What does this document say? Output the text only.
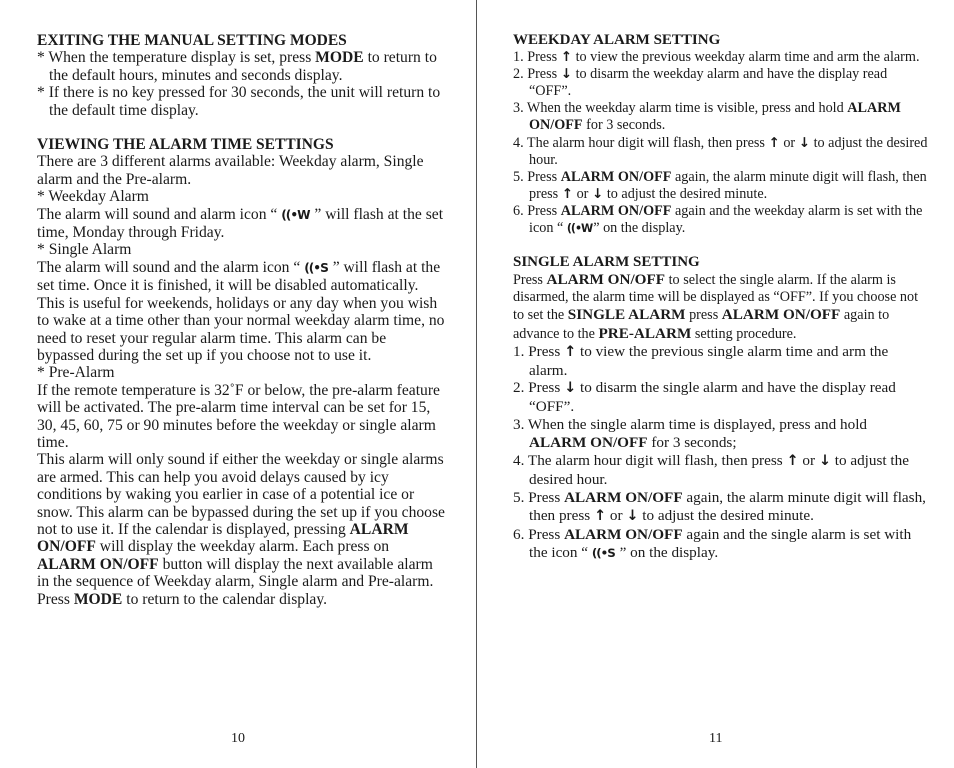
EXITING THE MANUAL SETTING MODES

* When the temperature display is set, press MODE to return to the default hours, minutes and seconds display.

* If there is no key pressed for 30 seconds, the unit will return to the default time display.

VIEWING THE ALARM TIME SETTINGS

There are 3 different alarms available: Weekday alarm, Single alarm and the Pre-alarm.

* Weekday Alarm

The alarm will sound and alarm icon “ ((•W ” will flash at the set time, Monday through Friday.

* Single Alarm

The alarm will sound and the alarm icon “ ((•S ” will flash at the set time. Once it is finished, it will be disabled automatically.

This is useful for weekends, holidays or any day when you wish to wake at a time other than your normal weekday alarm time, no need to reset your regular alarm time. This alarm can be bypassed during the set up if you choose not to use it.

* Pre-Alarm

If the remote temperature is 32˚F or below, the pre-alarm feature will be activated. The pre-alarm time interval can be set for 15, 30, 45, 60, 75 or 90 minutes before the weekday or single alarm time.

This alarm will only sound if either the weekday or single alarms are armed. This can help you avoid delays caused by icy conditions by waking you earlier in case of a potential ice or snow. This alarm can be bypassed during the set up if you choose not to use it. If the calendar is displayed, pressing ALARM ON/OFF will display the weekday alarm. Each press on ALARM ON/OFF button will display the next available alarm in the sequence of Weekday alarm, Single alarm and Pre-alarm.

Press MODE to return to the calendar display.

WEEKDAY ALARM SETTING

1. Press ↑ to view the previous weekday alarm time and arm the alarm.

2. Press ↓ to disarm the weekday alarm and have the display read “OFF”.

3. When the weekday alarm time is visible, press and hold ALARM ON/OFF for 3 seconds.

4. The alarm hour digit will flash, then press ↑ or ↓ to adjust the desired hour.

5. Press ALARM ON/OFF again, the alarm minute digit will flash, then press ↑ or ↓ to adjust the desired minute.

6. Press ALARM ON/OFF again and the weekday alarm is set with the icon “ ((•W” on the display.

SINGLE ALARM SETTING

Press ALARM ON/OFF to select the single alarm. If the alarm is disarmed, the alarm time will be displayed as “OFF”. If you choose not to set the SINGLE ALARM press ALARM ON/OFF again to advance to the PRE-ALARM setting procedure.

1. Press ↑ to view the previous single alarm time and arm the alarm.

2. Press ↓ to disarm the single alarm and have the display read “OFF”.

3. When the single alarm time is displayed, press and hold ALARM ON/OFF for 3 seconds;

4. The alarm hour digit will flash, then press ↑ or ↓ to adjust the desired hour.

5. Press ALARM ON/OFF again, the alarm minute digit will flash, then press ↑ or ↓ to adjust the desired minute.

6. Press ALARM ON/OFF again and the single alarm is set with the icon “ ((•S ” on the display.

10	11
